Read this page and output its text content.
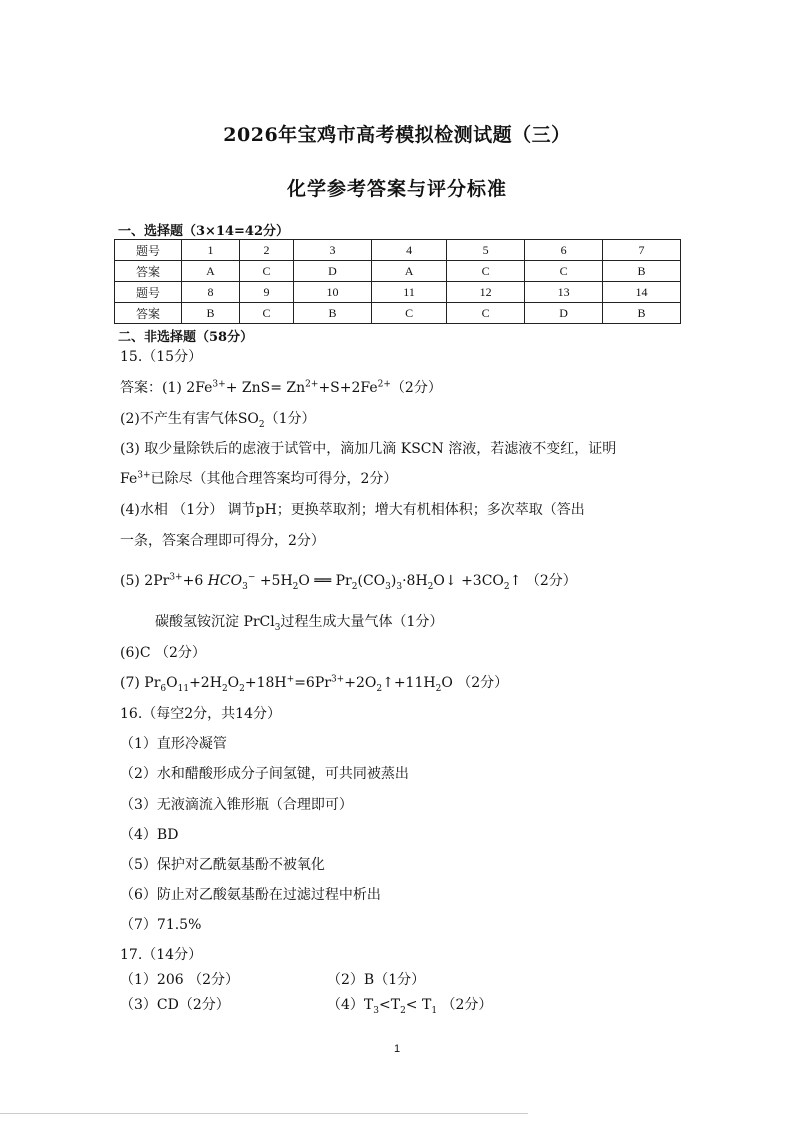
2026年宝鸡市高考模拟检测试题（三）
化学参考答案与评分标准
一、选择题（3×14=42分）
题号	1	2	3	4	5	6	7
答案	A	C	D	A	C	C	B
题号	8	9	10	11	12	13	14
答案	B	C	B	C	C	D	B
二、非选择题（58分）
15.（15分）
答案：(1) $2Fe^{3+}+ ZnS= Zn^{2+}+S+2Fe^{2+}(2$分）
(2)不产生有害气体$SO_2(1$分）
(3) 取少量除铁后的虑液于试管中，滴加几滴 KSCN 溶液，若滤液不变红，证明
$Fe^{3+}$已除尽（其他合理答案均可得分，2分）
(4)水相 （1分） 调节pH；更换萃取剂；增大有机相体积；多次萃取（答出
一条，答案合理即可得分，2分）
(5) $2Pr^{3+}+6$ $HCO_3^- +5H_2O$ ══ $Pr_2(CO_3)_3\cdot 8H_2O↓$ $+3CO_2↑$ （2分）
碳酸氢铵沉淀 PrCl$_3$过程生成大量气体（1分）
(6)C （2分）
(7) $Pr_6O_{11}+2H_2O_2+18H^+=6Pr^{3+}+2O_2↑+11H_2O$ （2分）
16.（每空2分，共14分）
（1）直形冷凝管
（2）水和醋酸形成分子间氢键，可共同被蒸出
（3）无液滴流入锥形瓶（合理即可）
（4）BD
（5）保护对乙酰氨基酚不被氧化
（6）防止对乙酸氨基酚在过滤过程中析出
（7）71.5%
17.（14分）
（1）206 （2分）	（2）B（1分）
（3）CD（2分）	$(4)T_3<T_2< T_1$ （2分）
1
